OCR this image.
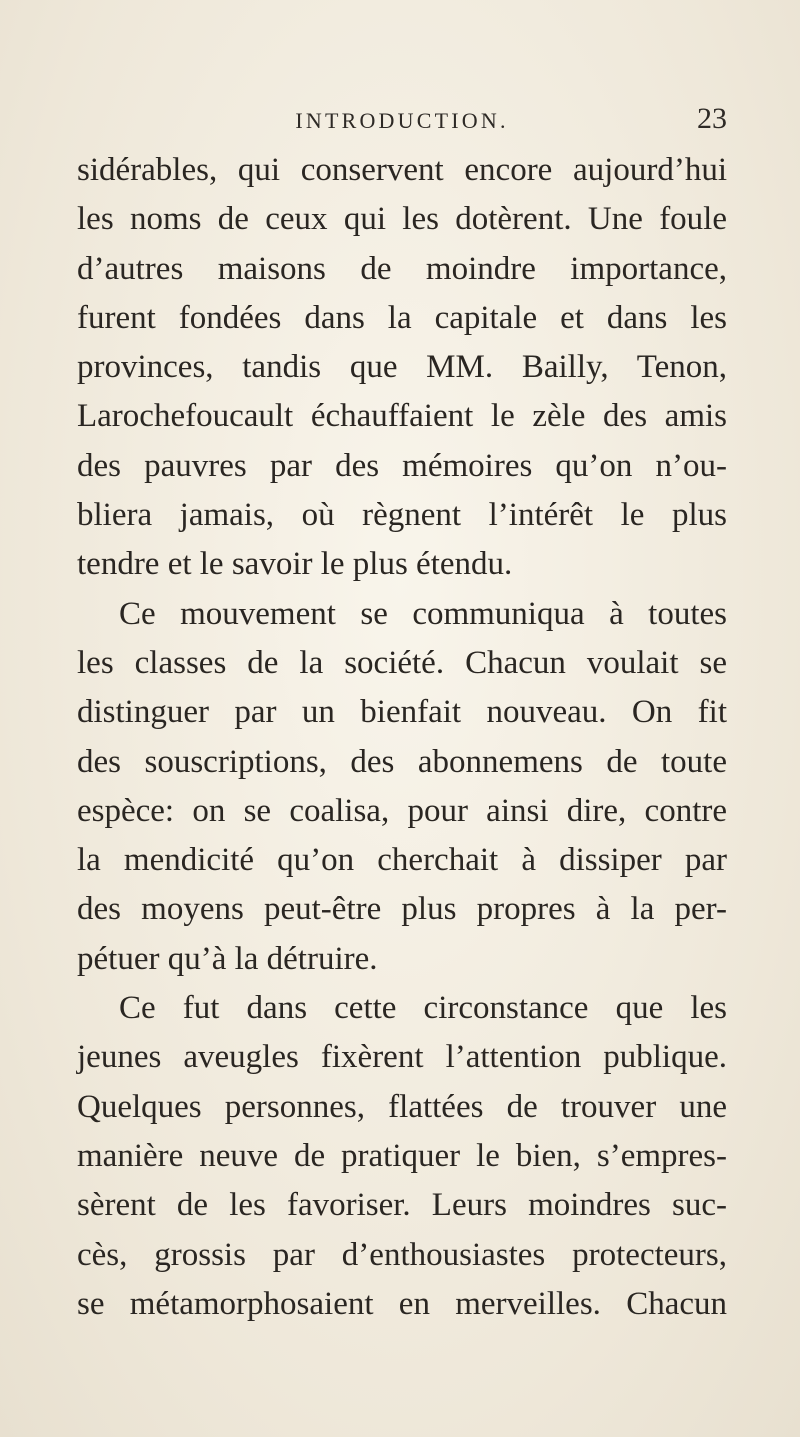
INTRODUCTION.	23
sidérables, qui conservent encore aujourd’hui
les noms de ceux qui les dotèrent. Une foule
d’autres maisons de moindre importance,
furent fondées dans la capitale et dans les
provinces, tandis que MM. Bailly, Tenon,
Larochefoucault échauffaient le zèle des amis
des pauvres par des mémoires qu’on n’ou-
bliera jamais, où règnent l’intérêt le plus
tendre et le savoir le plus étendu.
Ce mouvement se communiqua à toutes
les classes de la société. Chacun voulait se
distinguer par un bienfait nouveau. On fit
des souscriptions, des abonnemens de toute
espèce: on se coalisa, pour ainsi dire, contre
la mendicité qu’on cherchait à dissiper par
des moyens peut-être plus propres à la per-
pétuer qu’à la détruire.
Ce fut dans cette circonstance que les
jeunes aveugles fixèrent l’attention publique.
Quelques personnes, flattées de trouver une
manière neuve de pratiquer le bien, s’empres-
sèrent de les favoriser. Leurs moindres suc-
cès, grossis par d’enthousiastes protecteurs,
se métamorphosaient en merveilles. Chacun
